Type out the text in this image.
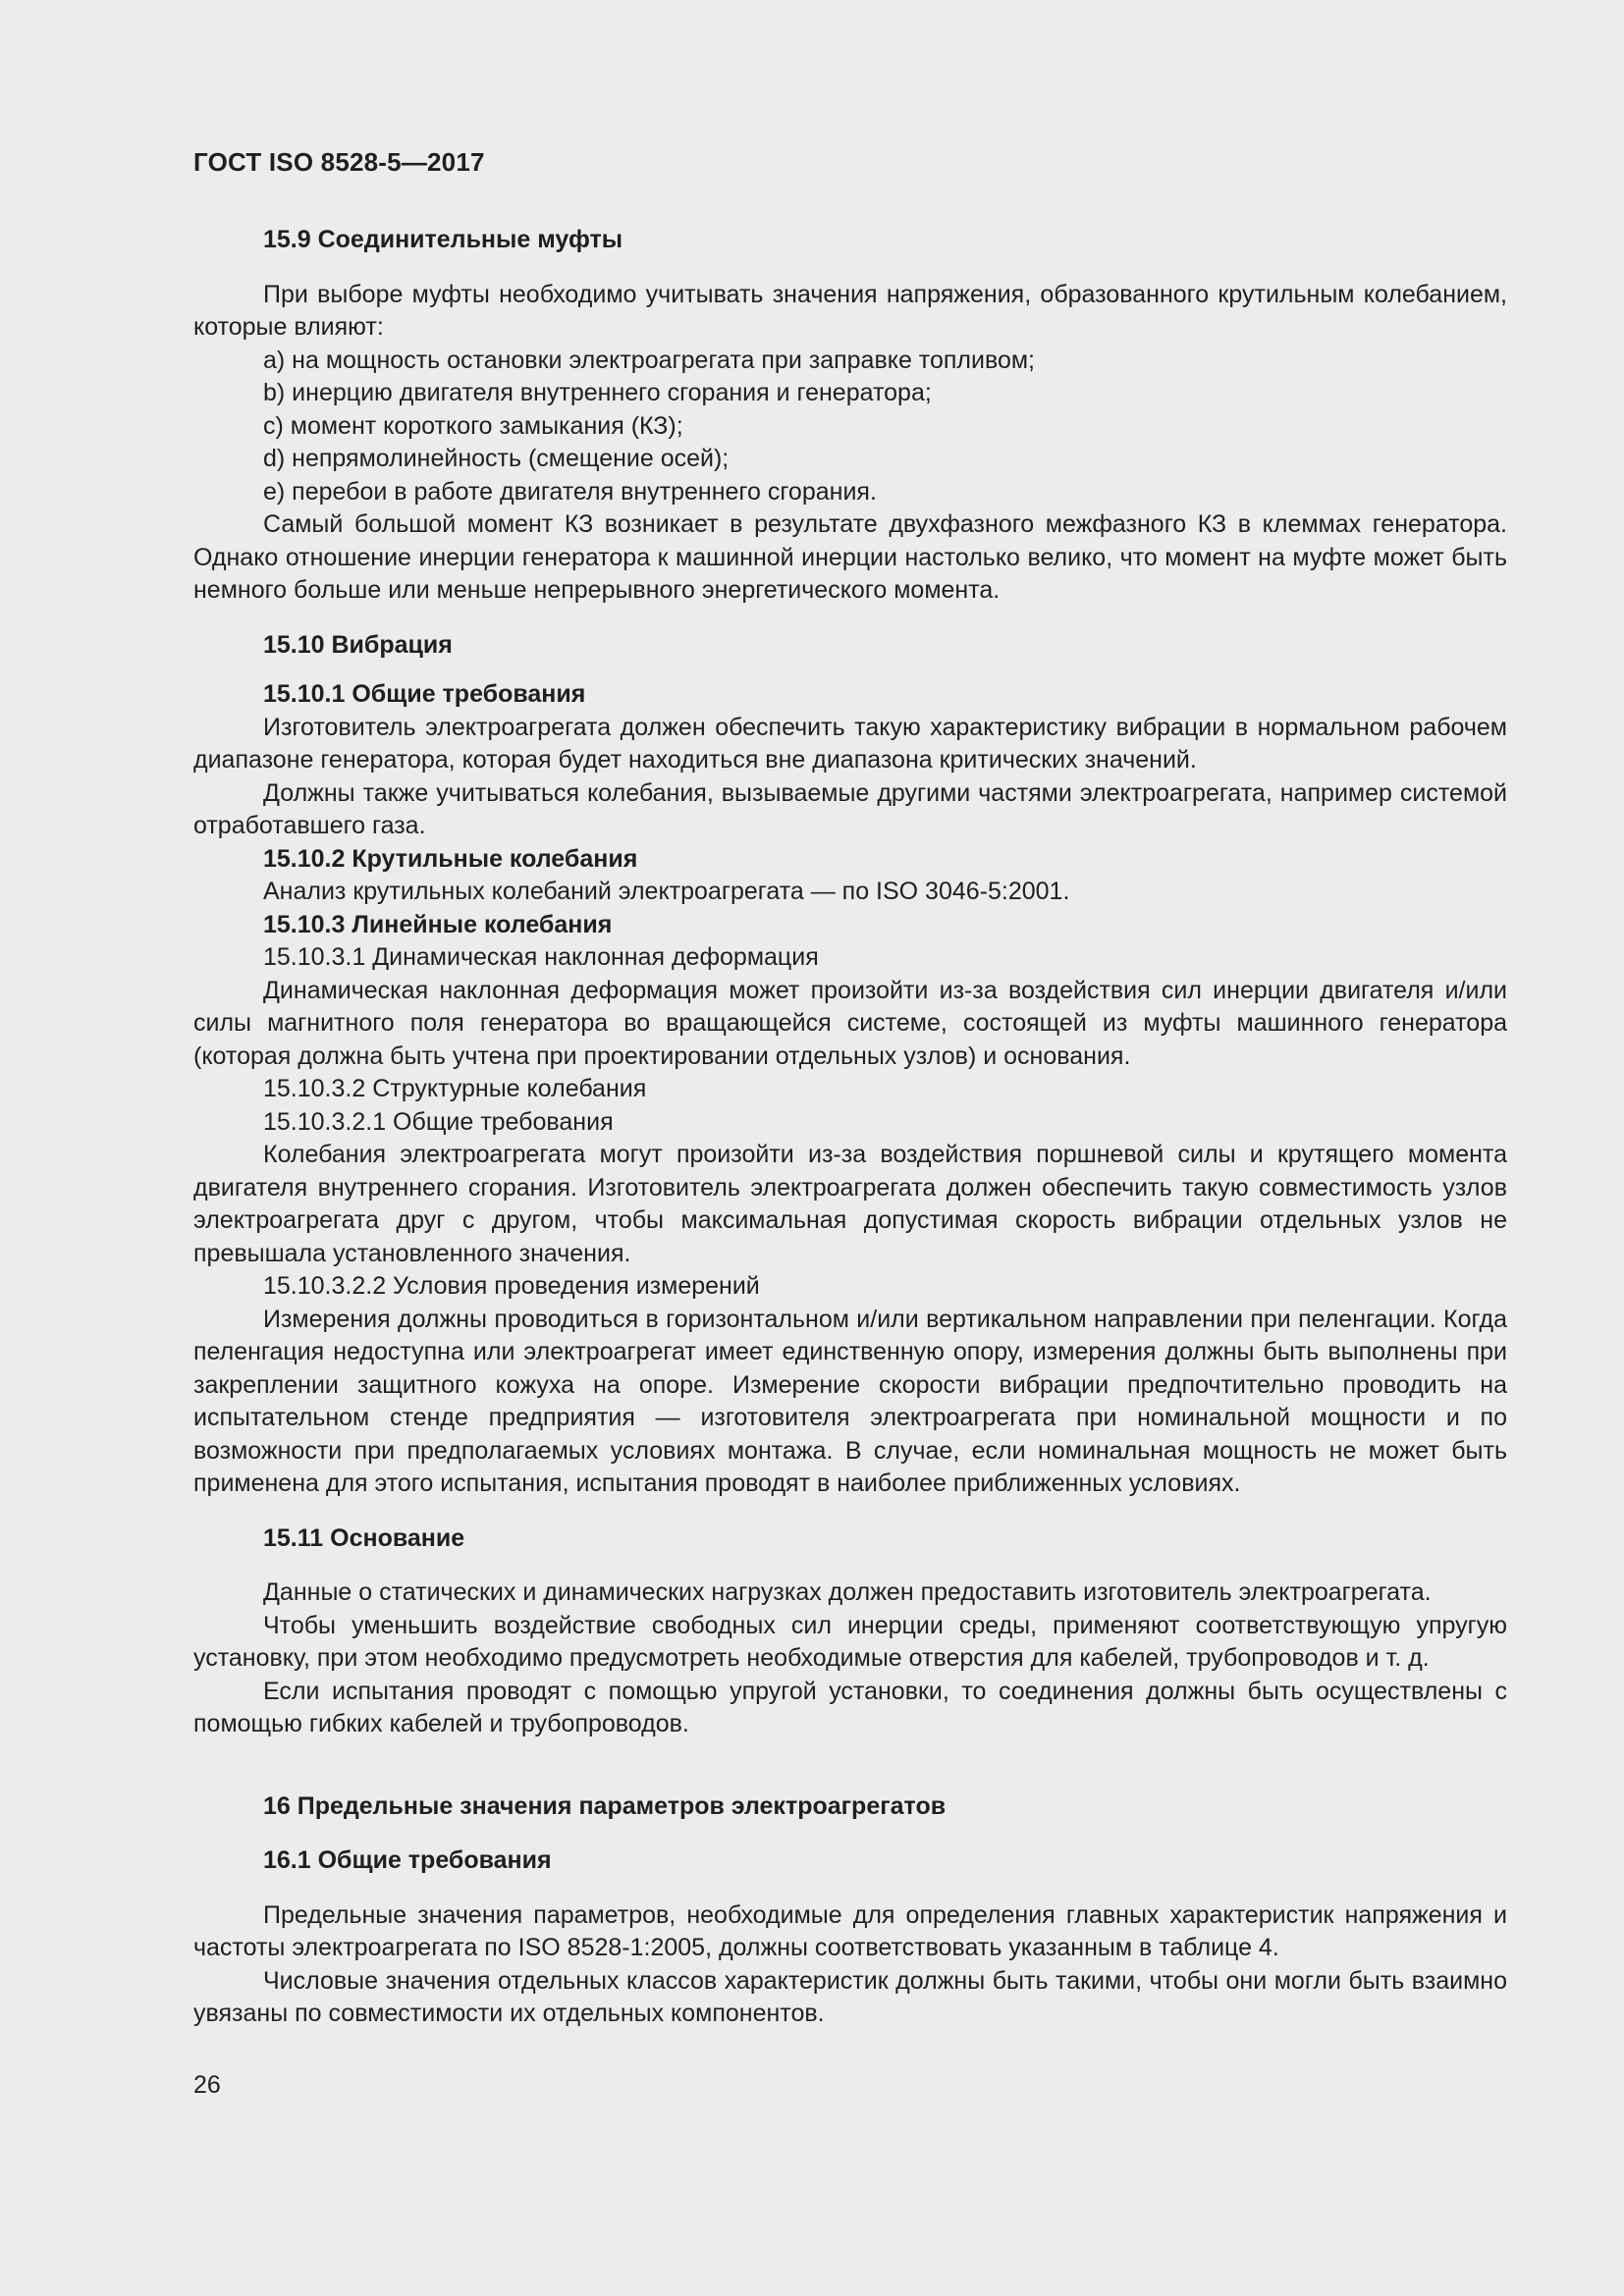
ГОСТ ISO 8528-5—2017

15.9 Соединительные муфты

При выборе муфты необходимо учитывать значения напряжения, образованного крутильным колебанием, которые влияют:

a) на мощность остановки электроагрегата при заправке топливом;
b) инерцию двигателя внутреннего сгорания и генератора;
c) момент короткого замыкания (КЗ);
d) непрямолинейность (смещение осей);
e) перебои в работе двигателя внутреннего сгорания.

Самый большой момент КЗ возникает в результате двухфазного межфазного КЗ в клеммах генератора. Однако отношение инерции генератора к машинной инерции настолько велико, что момент на муфте может быть немного больше или меньше непрерывного энергетического момента.

15.10 Вибрация

15.10.1 Общие требования

Изготовитель электроагрегата должен обеспечить такую характеристику вибрации в нормальном рабочем диапазоне генератора, которая будет находиться вне диапазона критических значений.

Должны также учитываться колебания, вызываемые другими частями электроагрегата, например системой отработавшего газа.

15.10.2 Крутильные колебания

Анализ крутильных колебаний электроагрегата — по ISO 3046-5:2001.

15.10.3 Линейные колебания

15.10.3.1 Динамическая наклонная деформация

Динамическая наклонная деформация может произойти из-за воздействия сил инерции двигателя и/или силы магнитного поля генератора во вращающейся системе, состоящей из муфты машинного генератора (которая должна быть учтена при проектировании отдельных узлов) и основания.

15.10.3.2 Структурные колебания
15.10.3.2.1 Общие требования

Колебания электроагрегата могут произойти из-за воздействия поршневой силы и крутящего момента двигателя внутреннего сгорания. Изготовитель электроагрегата должен обеспечить такую совместимость узлов электроагрегата друг с другом, чтобы максимальная допустимая скорость вибрации отдельных узлов не превышала установленного значения.

15.10.3.2.2 Условия проведения измерений

Измерения должны проводиться в горизонтальном и/или вертикальном направлении при пеленгации. Когда пеленгация недоступна или электроагрегат имеет единственную опору, измерения должны быть выполнены при закреплении защитного кожуха на опоре. Измерение скорости вибрации предпочтительно проводить на испытательном стенде предприятия — изготовителя электроагрегата при номинальной мощности и по возможности при предполагаемых условиях монтажа. В случае, если номинальная мощность не может быть применена для этого испытания, испытания проводят в наиболее приближенных условиях.

15.11 Основание

Данные о статических и динамических нагрузках должен предоставить изготовитель электроагрегата.

Чтобы уменьшить воздействие свободных сил инерции среды, применяют соответствующую упругую установку, при этом необходимо предусмотреть необходимые отверстия для кабелей, трубопроводов и т. д.

Если испытания проводят с помощью упругой установки, то соединения должны быть осуществлены с помощью гибких кабелей и трубопроводов.

16 Предельные значения параметров электроагрегатов

16.1 Общие требования

Предельные значения параметров, необходимые для определения главных характеристик напряжения и частоты электроагрегата по ISO 8528-1:2005, должны соответствовать указанным в таблице 4.

Числовые значения отдельных классов характеристик должны быть такими, чтобы они могли быть взаимно увязаны по совместимости их отдельных компонентов.

26
